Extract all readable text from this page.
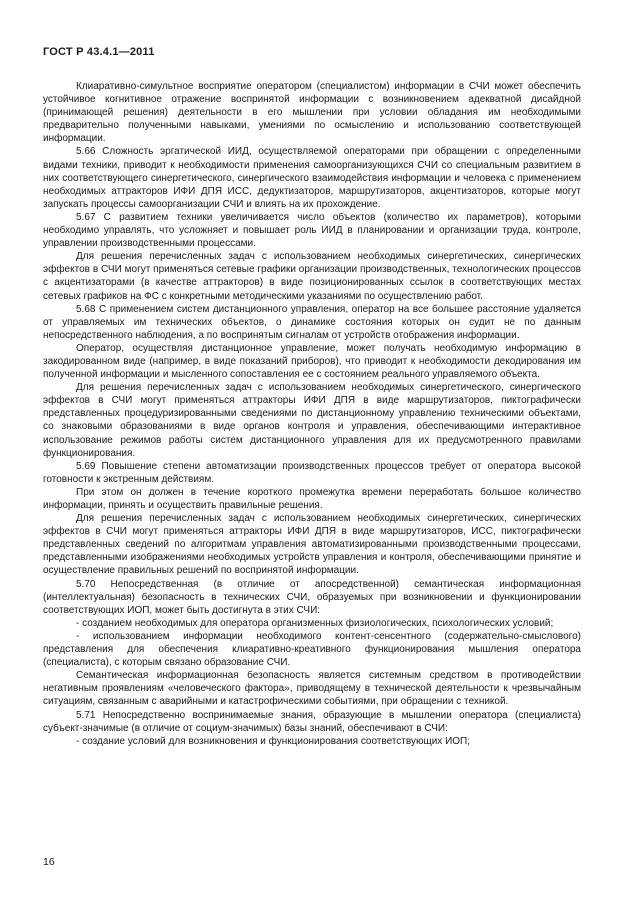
ГОСТ Р 43.4.1—2011

Клиаративно-симультное восприятие оператором (специалистом) информации в СЧИ может обеспечить устойчивое когнитивное отражение воспринятой информации с возникновением адекватной дисайдной (принимающей решения) деятельности в его мышлении при условии обладания им необходимыми предварительно полученными навыками, умениями по осмыслению и использованию соответствующей информации.

5.66 Сложность эргатической ИИД, осуществляемой операторами при обращении с определенными видами техники, приводит к необходимости применения самоорганизующихся СЧИ со специальным развитием в них соответствующего синергетического, синергического взаимодействия информации и человека с применением необходимых аттракторов ИФИ ДПЯ ИСС, дедуктизаторов, маршрутизаторов, акцентизаторов, которые могут запускать процессы самоорганизации СЧИ и влиять на их прохождение.

5.67 С развитием техники увеличивается число объектов (количество их параметров), которыми необходимо управлять, что усложняет и повышает роль ИИД в планировании и организации труда, контроле, управлении производственными процессами.

Для решения перечисленных задач с использованием необходимых синергетических, синергических эффектов в СЧИ могут применяться сетевые графики организации производственных, технологических процессов с акцентизаторами (в качестве аттракторов) в виде позиционированных ссылок в соответствующих местах сетевых графиков на ФС с конкретными методическими указаниями по осуществлению работ.

5.68 С применением систем дистанционного управления, оператор на все большее расстояние удаляется от управляемых им технических объектов, о динамике состояния которых он судит не по данным непосредственного наблюдения, а по воспринятым сигналам от устройств отображения информации.

Оператор, осуществляя дистанционное управление, может получать необходимую информацию в закодированном виде (например, в виде показаний приборов), что приводит к необходимости декодирования им полученной информации и мысленного сопоставления ее с состоянием реального управляемого объекта.

Для решения перечисленных задач с использованием необходимых синергетического, синергического эффектов в СЧИ могут применяться аттракторы ИФИ ДПЯ в виде маршрутизаторов, пиктографически представленных процедуризированными сведениями по дистанционному управлению техническими объектами, со знаковыми образованиями в виде органов контроля и управления, обеспечивающими интерактивное использование режимов работы систем дистанционного управления для их предусмотренного правилами функционирования.

5.69 Повышение степени автоматизации производственных процессов требует от оператора высокой готовности к экстренным действиям.

При этом он должен в течение короткого промежутка времени переработать большое количество информации, принять и осуществить правильные решения.

Для решения перечисленных задач с использованием необходимых синергетических, синергических эффектов в СЧИ могут применяться аттракторы ИФИ ДПЯ в виде маршрутизаторов, ИСС, пиктографически представленных сведений по алгоритмам управления автоматизированными производственными процессами, представленными изображениями необходимых устройств управления и контроля, обеспечивающими принятие и осуществление правильных решений по воспринятой информации.

5.70 Непосредственная (в отличие от апосредственной) семантическая информационная (интеллектуальная) безопасность в технических СЧИ, образуемых при возникновении и функционировании соответствующих ИОП, может быть достигнута в этих СЧИ:

- созданием необходимых для оператора организменных физиологических, психологических условий;

- использованием информации необходимого контент-сенсентного (содержательно-смыслового) представления для обеспечения клиаративно-креативного функционирования мышления оператора (специалиста), с которым связано образование СЧИ.

Семантическая информационная безопасность является системным средством в противодействии негативным проявлениям «человеческого фактора», приводящему в технической деятельности к чрезвычайным ситуациям, связанным с аварийными и катастрофическими событиями, при обращении с техникой.

5.71 Непосредственно воспринимаемые знания, образующие в мышлении оператора (специалиста) субъект-значимые (в отличие от социум-значимых) базы знаний, обеспечивают в СЧИ:

- создание условий для возникновения и функционирования соответствующих ИОП;

16
